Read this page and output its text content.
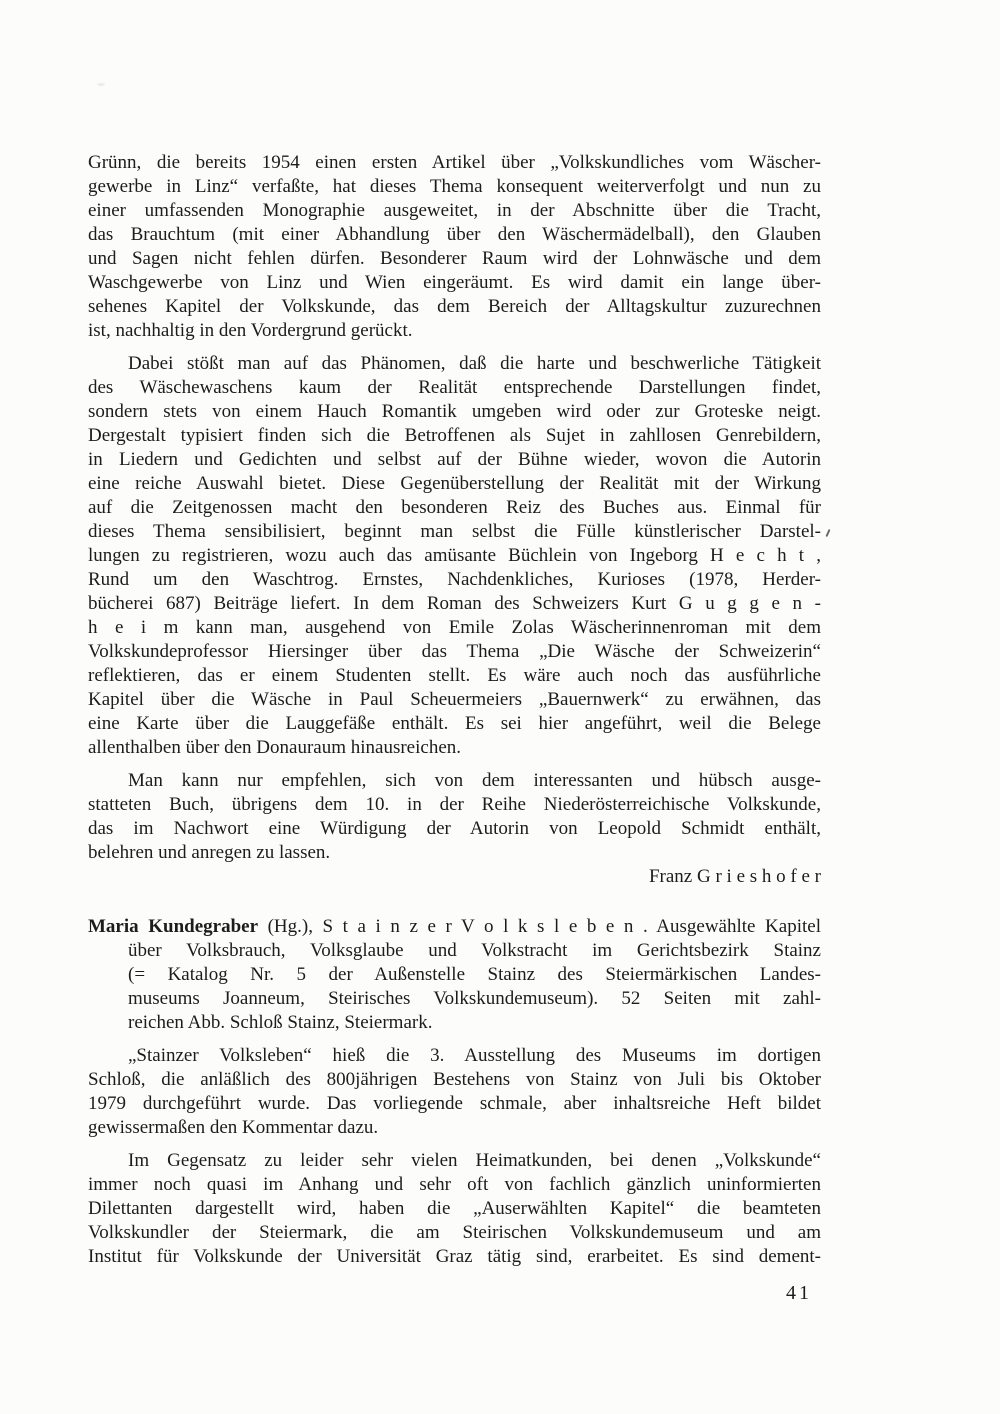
Grünn, die bereits 1954 einen ersten Artikel über „Volkskundliches vom Wäscher-
gewerbe in Linz“ verfaßte, hat dieses Thema konsequent weiterverfolgt und nun zu
einer umfassenden Monographie ausgeweitet, in der Abschnitte über die Tracht,
das Brauchtum (mit einer Abhandlung über den Wäschermädelball), den Glauben
und Sagen nicht fehlen dürfen. Besonderer Raum wird der Lohnwäsche und dem
Waschgewerbe von Linz und Wien eingeräumt. Es wird damit ein lange über-
sehenes Kapitel der Volkskunde, das dem Bereich der Alltagskultur zuzurechnen
ist, nachhaltig in den Vordergrund gerückt.
Dabei stößt man auf das Phänomen, daß die harte und beschwerliche Tätigkeit
des Wäschewaschens kaum der Realität entsprechende Darstellungen findet,
sondern stets von einem Hauch Romantik umgeben wird oder zur Groteske neigt.
Dergestalt typisiert finden sich die Betroffenen als Sujet in zahllosen Genrebildern,
in Liedern und Gedichten und selbst auf der Bühne wieder, wovon die Autorin
eine reiche Auswahl bietet. Diese Gegenüberstellung der Realität mit der Wirkung
auf die Zeitgenossen macht den besonderen Reiz des Buches aus. Einmal für
dieses Thema sensibilisiert, beginnt man selbst die Fülle künstlerischer Darstel-
lungen zu registrieren, wozu auch das amüsante Büchlein von Ingeborg H e c h t ,
Rund um den Waschtrog. Ernstes, Nachdenkliches, Kurioses (1978, Herder-
bücherei 687) Beiträge liefert. In dem Roman des Schweizers Kurt G u g g e n -
h e i m kann man, ausgehend von Emile Zolas Wäscherinnenroman mit dem
Volkskundeprofessor Hiersinger über das Thema „Die Wäsche der Schweizerin“
reflektieren, das er einem Studenten stellt. Es wäre auch noch das ausführliche
Kapitel über die Wäsche in Paul Scheuermeiers „Bauernwerk“ zu erwähnen, das
eine Karte über die Lauggefäße enthält. Es sei hier angeführt, weil die Belege
allenthalben über den Donauraum hinausreichen.
Man kann nur empfehlen, sich von dem interessanten und hübsch ausge-
statteten Buch, übrigens dem 10. in der Reihe Niederösterreichische Volkskunde,
das im Nachwort eine Würdigung der Autorin von Leopold Schmidt enthält,
belehren und anregen zu lassen.
Franz G r i e s h o f e r
Maria Kundegraber (Hg.), S t a i n z e r V o l k s l e b e n . Ausgewählte Kapitel
über Volksbrauch, Volksglaube und Volkstracht im Gerichtsbezirk Stainz
(= Katalog Nr. 5 der Außenstelle Stainz des Steiermärkischen Landes-
museums Joanneum, Steirisches Volkskundemuseum). 52 Seiten mit zahl-
reichen Abb. Schloß Stainz, Steiermark.
„Stainzer Volksleben“ hieß die 3. Ausstellung des Museums im dortigen
Schloß, die anläßlich des 800jährigen Bestehens von Stainz von Juli bis Oktober
1979 durchgeführt wurde. Das vorliegende schmale, aber inhaltsreiche Heft bildet
gewissermaßen den Kommentar dazu.
Im Gegensatz zu leider sehr vielen Heimatkunden, bei denen „Volkskunde“
immer noch quasi im Anhang und sehr oft von fachlich gänzlich uninformierten
Dilettanten dargestellt wird, haben die „Auserwählten Kapitel“ die beamteten
Volkskundler der Steiermark, die am Steirischen Volkskundemuseum und am
Institut für Volkskunde der Universität Graz tätig sind, erarbeitet. Es sind dement-
41
